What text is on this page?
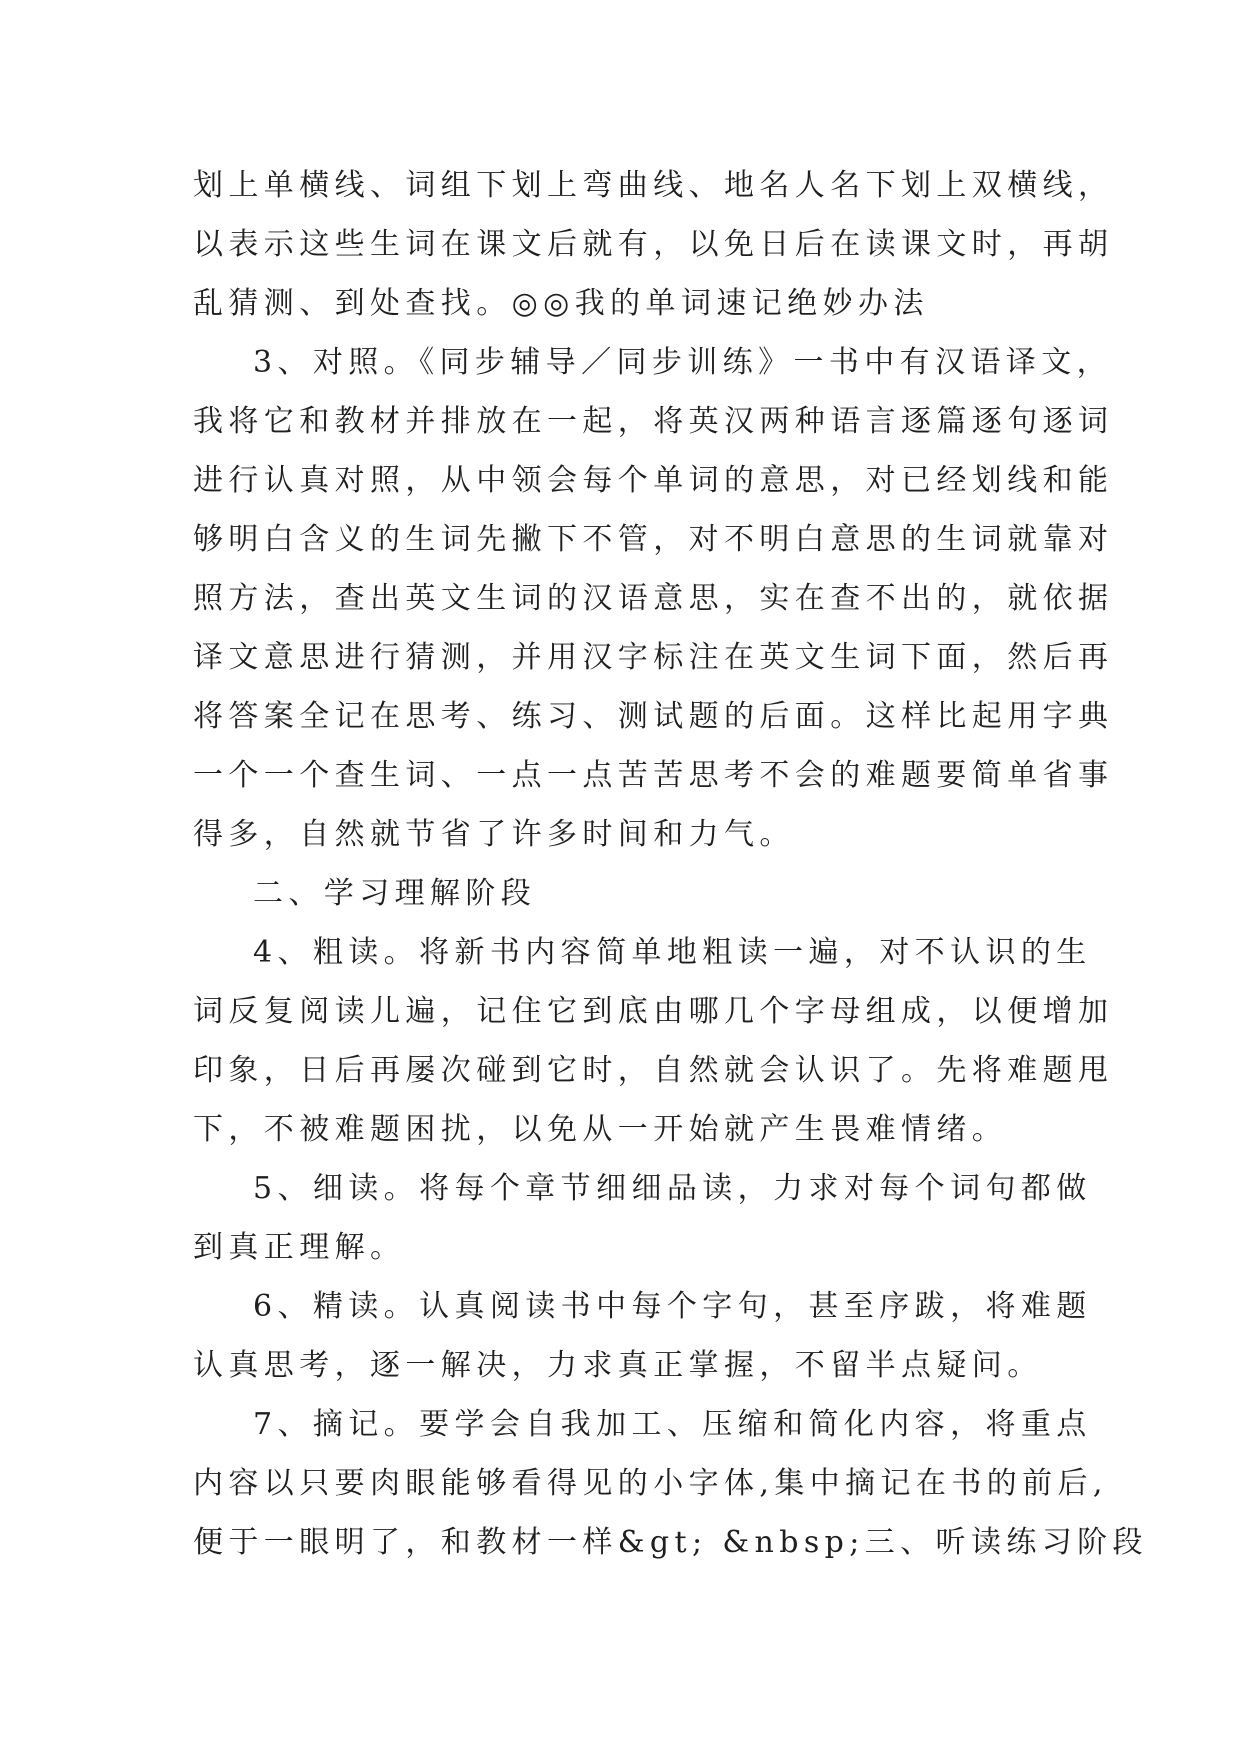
划上单横线、词组下划上弯曲线、地名人名下划上双横线，
以表示这些生词在课文后就有，以免日后在读课文时，再胡
乱猜测、到处查找。◎◎我的单词速记绝妙办法
3、对照。《同步辅导／同步训练》一书中有汉语译文，
我将它和教材并排放在一起，将英汉两种语言逐篇逐句逐词
进行认真对照，从中领会每个单词的意思，对已经划线和能
够明白含义的生词先撇下不管，对不明白意思的生词就靠对
照方法，查出英文生词的汉语意思，实在查不出的，就依据
译文意思进行猜测，并用汉字标注在英文生词下面，然后再
将答案全记在思考、练习、测试题的后面。这样比起用字典
一个一个查生词、一点一点苦苦思考不会的难题要简单省事
得多，自然就节省了许多时间和力气。
二、学习理解阶段
4、粗读。将新书内容简单地粗读一遍，对不认识的生
词反复阅读儿遍，记住它到底由哪几个字母组成，以便增加
印象，日后再屡次碰到它时，自然就会认识了。先将难题甩
下，不被难题困扰，以免从一开始就产生畏难情绪。
5、细读。将每个章节细细品读，力求对每个词句都做
到真正理解。
6、精读。认真阅读书中每个字句，甚至序跋，将难题
认真思考，逐一解决，力求真正掌握，不留半点疑问。
7、摘记。要学会自我加工、压缩和简化内容，将重点
内容以只要肉眼能够看得见的小字体,集中摘记在书的前后,
便于一眼明了，和教材一样&gt; &nbsp;三、听读练习阶段
